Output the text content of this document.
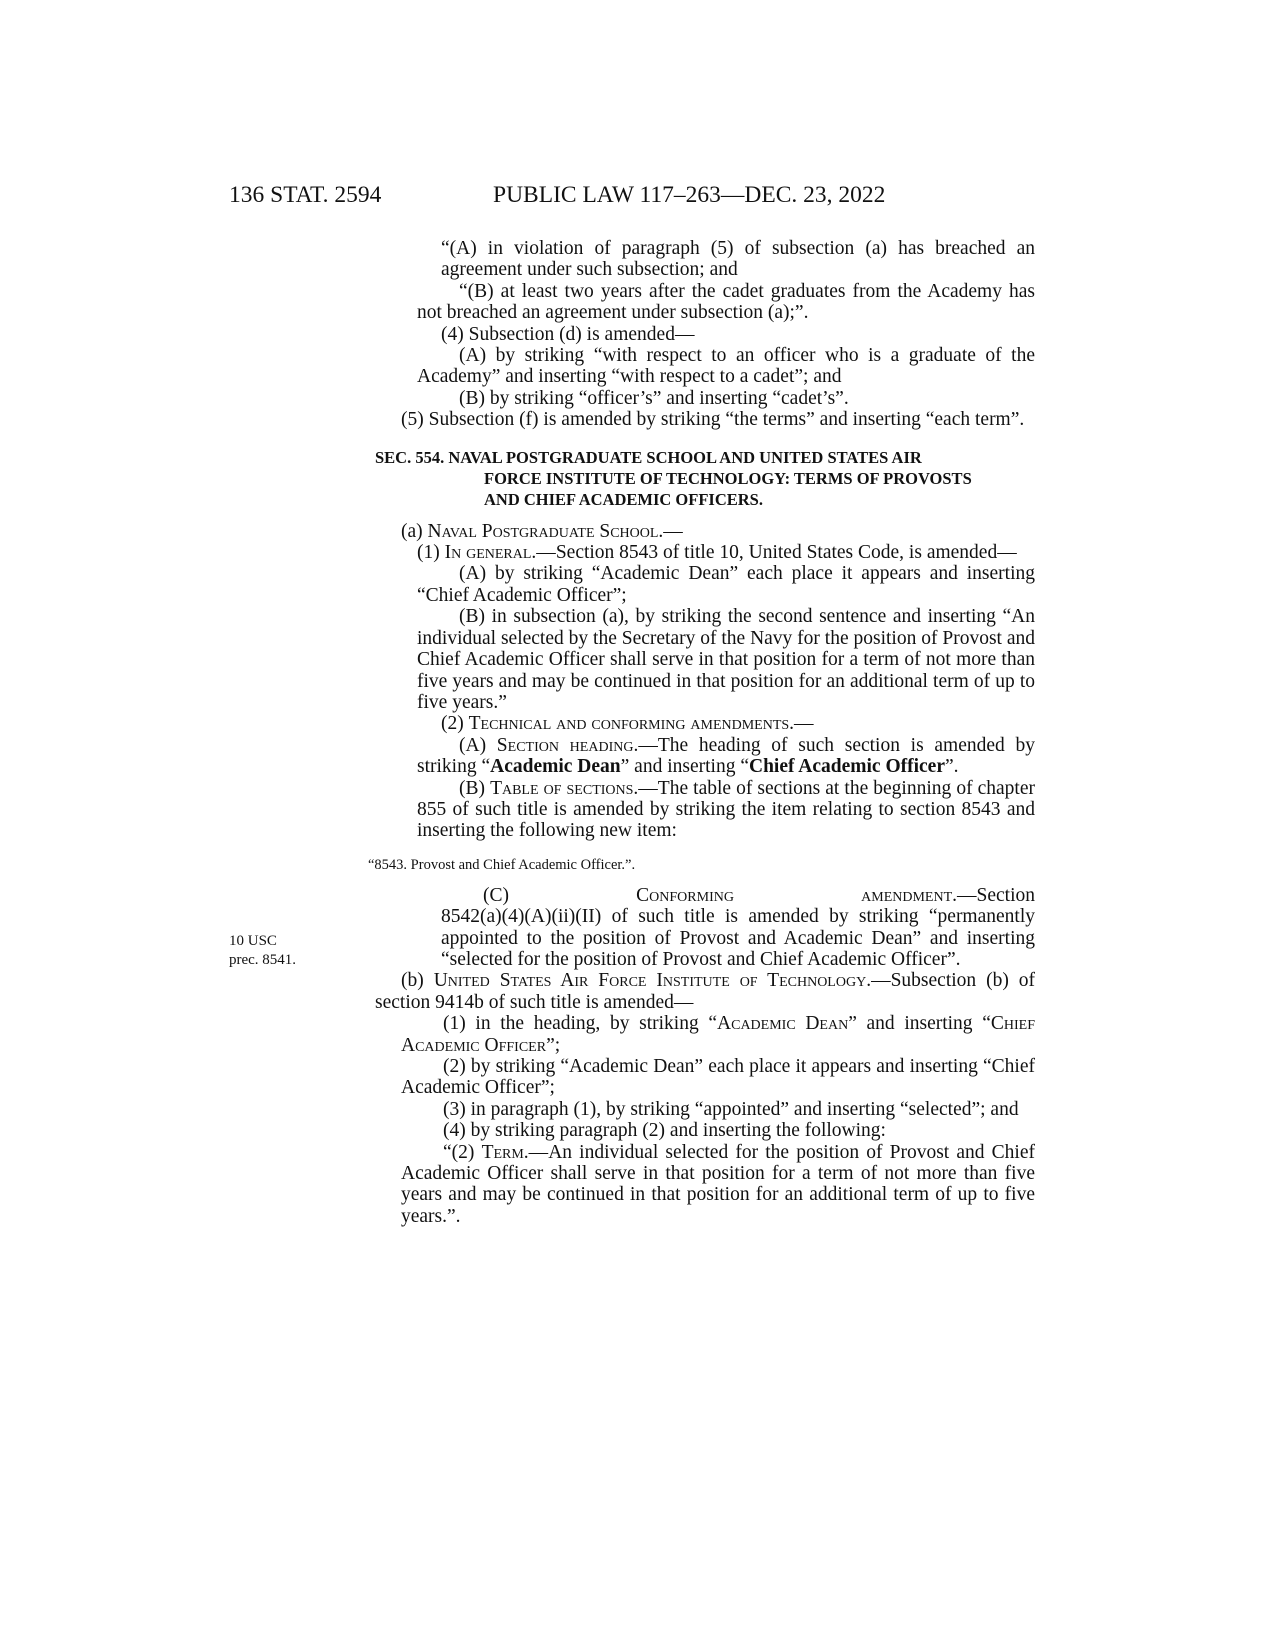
136 STAT. 2594	PUBLIC LAW 117–263—DEC. 23, 2022
10 USC
prec. 8541.

“(A) in violation of paragraph (5) of subsection (a) has breached an agreement under such subsection; and

“(B) at least two years after the cadet graduates from the Academy has not breached an agreement under subsection (a);”.

(4) Subsection (d) is amended—

(A) by striking “with respect to an officer who is a graduate of the Academy” and inserting “with respect to a cadet”; and

(B) by striking “officer’s” and inserting “cadet’s”.

(5) Subsection (f) is amended by striking “the terms” and inserting “each term”.

SEC. 554. NAVAL POSTGRADUATE SCHOOL AND UNITED STATES AIR
FORCE INSTITUTE OF TECHNOLOGY: TERMS OF PROVOSTS
AND CHIEF ACADEMIC OFFICERS.

(a) Naval Postgraduate School.—

(1) In general.—Section 8543 of title 10, United States Code, is amended—

(A) by striking “Academic Dean” each place it appears and inserting “Chief Academic Officer”;

(B) in subsection (a), by striking the second sentence and inserting “An individual selected by the Secretary of the Navy for the position of Provost and Chief Academic Officer shall serve in that position for a term of not more than five years and may be continued in that position for an additional term of up to five years.”

(2) Technical and conforming amendments.—

(A) Section heading.—The heading of such section is amended by striking “Academic Dean” and inserting “Chief Academic Officer”.

(B) Table of sections.—The table of sections at the beginning of chapter 855 of such title is amended by striking the item relating to section 8543 and inserting the following new item:

“8543. Provost and Chief Academic Officer.”.

(C)	Conforming	amendment.—Section
8542(a)(4)(A)(ii)(II) of such title is amended by striking “permanently appointed to the position of Provost and Academic Dean” and inserting “selected for the position of Provost and Chief Academic Officer”.

(b) United States Air Force Institute of Technology.—Subsection (b) of section 9414b of such title is amended—

(1) in the heading, by striking “Academic Dean” and inserting “Chief Academic Officer”;

(2) by striking “Academic Dean” each place it appears and inserting “Chief Academic Officer”;

(3) in paragraph (1), by striking “appointed” and inserting “selected”; and

(4) by striking paragraph (2) and inserting the following:

“(2) Term.—An individual selected for the position of Provost and Chief Academic Officer shall serve in that position for a term of not more than five years and may be continued in that position for an additional term of up to five years.”.
